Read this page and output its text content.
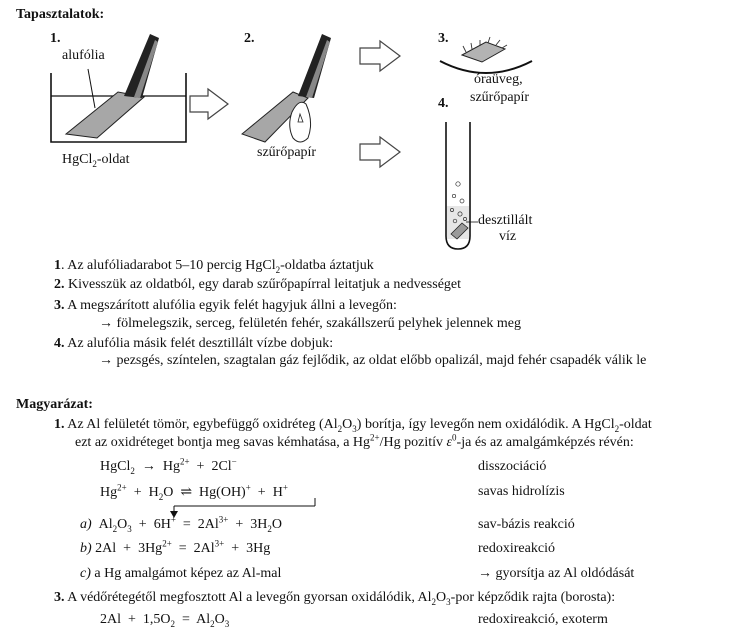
Tapasztalatok:
1.	2.	3.
4.
alufólia
HgCl$_2$-oldat	szűrőpapír
óraüveg,
szűrőpapír
desztillált
víz
1. Az alufóliadarabot 5–10 percig HgCl$_2$-oldatba áztatjuk
2. Kivesszük az oldatból, egy darab szűrőpapírral leitatjuk a nedvességet
3. A megszárított alufólia egyik felét hagyjuk állni a levegőn:
→ fölmelegszik, serceg, felületén fehér, szakállszerű pelyhek jelennek meg
4. Az alufólia másik felét desztillált vízbe dobjuk:
→ pezsgés, színtelen, szagtalan gáz fejlődik, az oldat előbb opalizál, majd fehér csapadék válik le
Magyarázat:
1. Az Al felületét tömör, egybefüggő oxidréteg $(Al_2O_3)$ borítja, így levegőn nem oxidálódik. A HgCl$_2$-oldat
ezt az oxidréteget bontja meg savas kémhatása, a $Hg^{2+}/Hg$ pozitív $\varepsilon^0-ja$ és az amalgámképzés révén:
HgCl$_2$  →  $Hg^{2+} + 2Cl^-$	disszociáció
$Hg^{2+} + H_2O$  ⇌  Hg(OH)+  +  H+	savas hidrolízis
a)  $Al_2O_3 + 6H^+ = 2Al^{3+} + 3H_2O$	sav-bázis reakció
b) $2Al + 3Hg^{2+} = 2Al^{3+} + 3Hg$	redoxireakció
c) a Hg amalgámot képez az Al-mal	→ gyorsítja az Al oldódását
3. A védőrétegétől megfosztott Al a levegőn gyorsan oxidálódik, $Al_2O_3$-por képződik rajta (borosta):
$2Al + 1,5O_2 = Al_2O_3$	redoxireakció, exoterm
